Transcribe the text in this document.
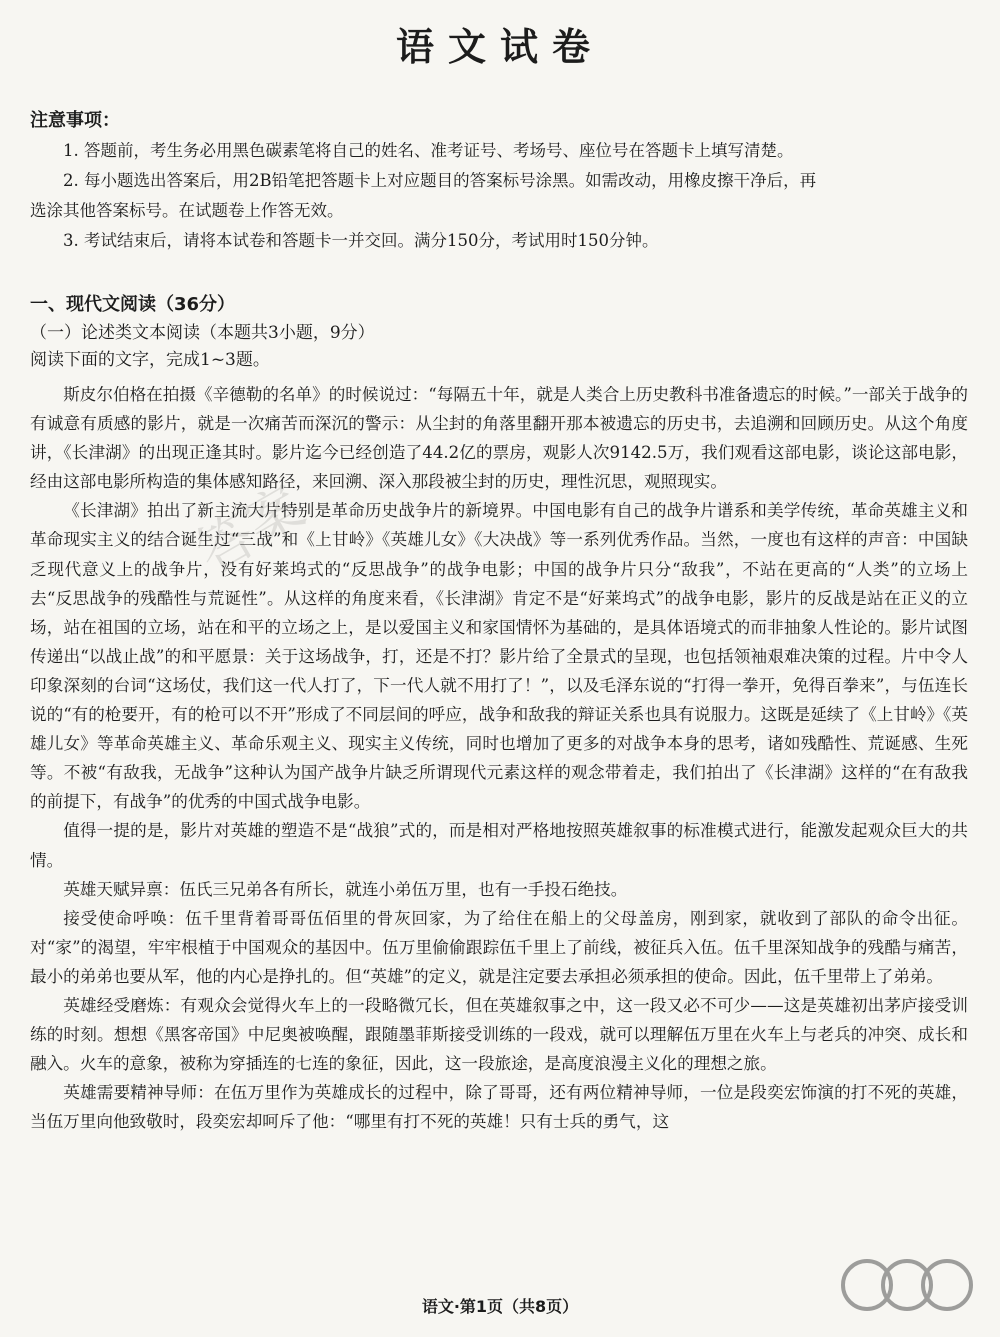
语文试卷
注意事项：
1. 答题前，考生务必用黑色碳素笔将自己的姓名、准考证号、考场号、座位号在答题卡上填写清楚。
2. 每小题选出答案后，用2B铅笔把答题卡上对应题目的答案标号涂黑。如需改动，用橡皮擦干净后，再
选涂其他答案标号。在试题卷上作答无效。
3. 考试结束后，请将本试卷和答题卡一并交回。满分150分，考试用时150分钟。
一、现代文阅读（36分）
（一）论述类文本阅读（本题共3小题，9分）
阅读下面的文字，完成1~3题。

斯皮尔伯格在拍摄《辛德勒的名单》的时候说过：“每隔五十年，就是人类合上历史教科书准备遗忘的时候。”一部关于战争的有诚意有质感的影片，就是一次痛苦而深沉的警示：从尘封的角落里翻开那本被遗忘的历史书，去追溯和回顾历史。从这个角度讲，《长津湖》的出现正逢其时。影片迄今已经创造了44.2亿的票房，观影人次9142.5万，我们观看这部电影，谈论这部电影，经由这部电影所构造的集体感知路径，来回溯、深入那段被尘封的历史，理性沉思，观照现实。

《长津湖》拍出了新主流大片特别是革命历史战争片的新境界。中国电影有自己的战争片谱系和美学传统，革命英雄主义和革命现实主义的结合诞生过“三战”和《上甘岭》《英雄儿女》《大决战》等一系列优秀作品。当然，一度也有这样的声音：中国缺乏现代意义上的战争片，没有好莱坞式的“反思战争”的战争电影；中国的战争片只分“敌我”，不站在更高的“人类”的立场上去“反思战争的残酷性与荒诞性”。从这样的角度来看，《长津湖》肯定不是“好莱坞式”的战争电影，影片的反战是站在正义的立场，站在祖国的立场，站在和平的立场之上，是以爱国主义和家国情怀为基础的，是具体语境式的而非抽象人性论的。影片试图传递出“以战止战”的和平愿景：关于这场战争，打，还是不打？影片给了全景式的呈现，也包括领袖艰难决策的过程。片中令人印象深刻的台词“这场仗，我们这一代人打了，下一代人就不用打了！”，以及毛泽东说的“打得一拳开，免得百拳来”，与伍连长说的“有的枪要开，有的枪可以不开”形成了不同层间的呼应，战争和敌我的辩证关系也具有说服力。这既是延续了《上甘岭》《英雄儿女》等革命英雄主义、革命乐观主义、现实主义传统，同时也增加了更多的对战争本身的思考，诸如残酷性、荒诞感、生死等。不被“有敌我，无战争”这种认为国产战争片缺乏所谓现代元素这样的观念带着走，我们拍出了《长津湖》这样的“在有敌我的前提下，有战争”的优秀的中国式战争电影。

值得一提的是，影片对英雄的塑造不是“战狼”式的，而是相对严格地按照英雄叙事的标准模式进行，能激发起观众巨大的共情。

英雄天赋异禀：伍氏三兄弟各有所长，就连小弟伍万里，也有一手投石绝技。

接受使命呼唤：伍千里背着哥哥伍佰里的骨灰回家，为了给住在船上的父母盖房，刚到家，就收到了部队的命令出征。对“家”的渴望，牢牢根植于中国观众的基因中。伍万里偷偷跟踪伍千里上了前线，被征兵入伍。伍千里深知战争的残酷与痛苦，最小的弟弟也要从军，他的内心是挣扎的。但“英雄”的定义，就是注定要去承担必须承担的使命。因此，伍千里带上了弟弟。

英雄经受磨炼：有观众会觉得火车上的一段略微冗长，但在英雄叙事之中，这一段又必不可少——这是英雄初出茅庐接受训练的时刻。想想《黑客帝国》中尼奥被唤醒，跟随墨菲斯接受训练的一段戏，就可以理解伍万里在火车上与老兵的冲突、成长和融入。火车的意象，被称为穿插连的七连的象征，因此，这一段旅途，是高度浪漫主义化的理想之旅。

英雄需要精神导师：在伍万里作为英雄成长的过程中，除了哥哥，还有两位精神导师，一位是段奕宏饰演的打不死的英雄，当伍万里向他致敬时，段奕宏却呵斥了他：“哪里有打不死的英雄！只有士兵的勇气，这

答案
语文·第1页（共8页）
